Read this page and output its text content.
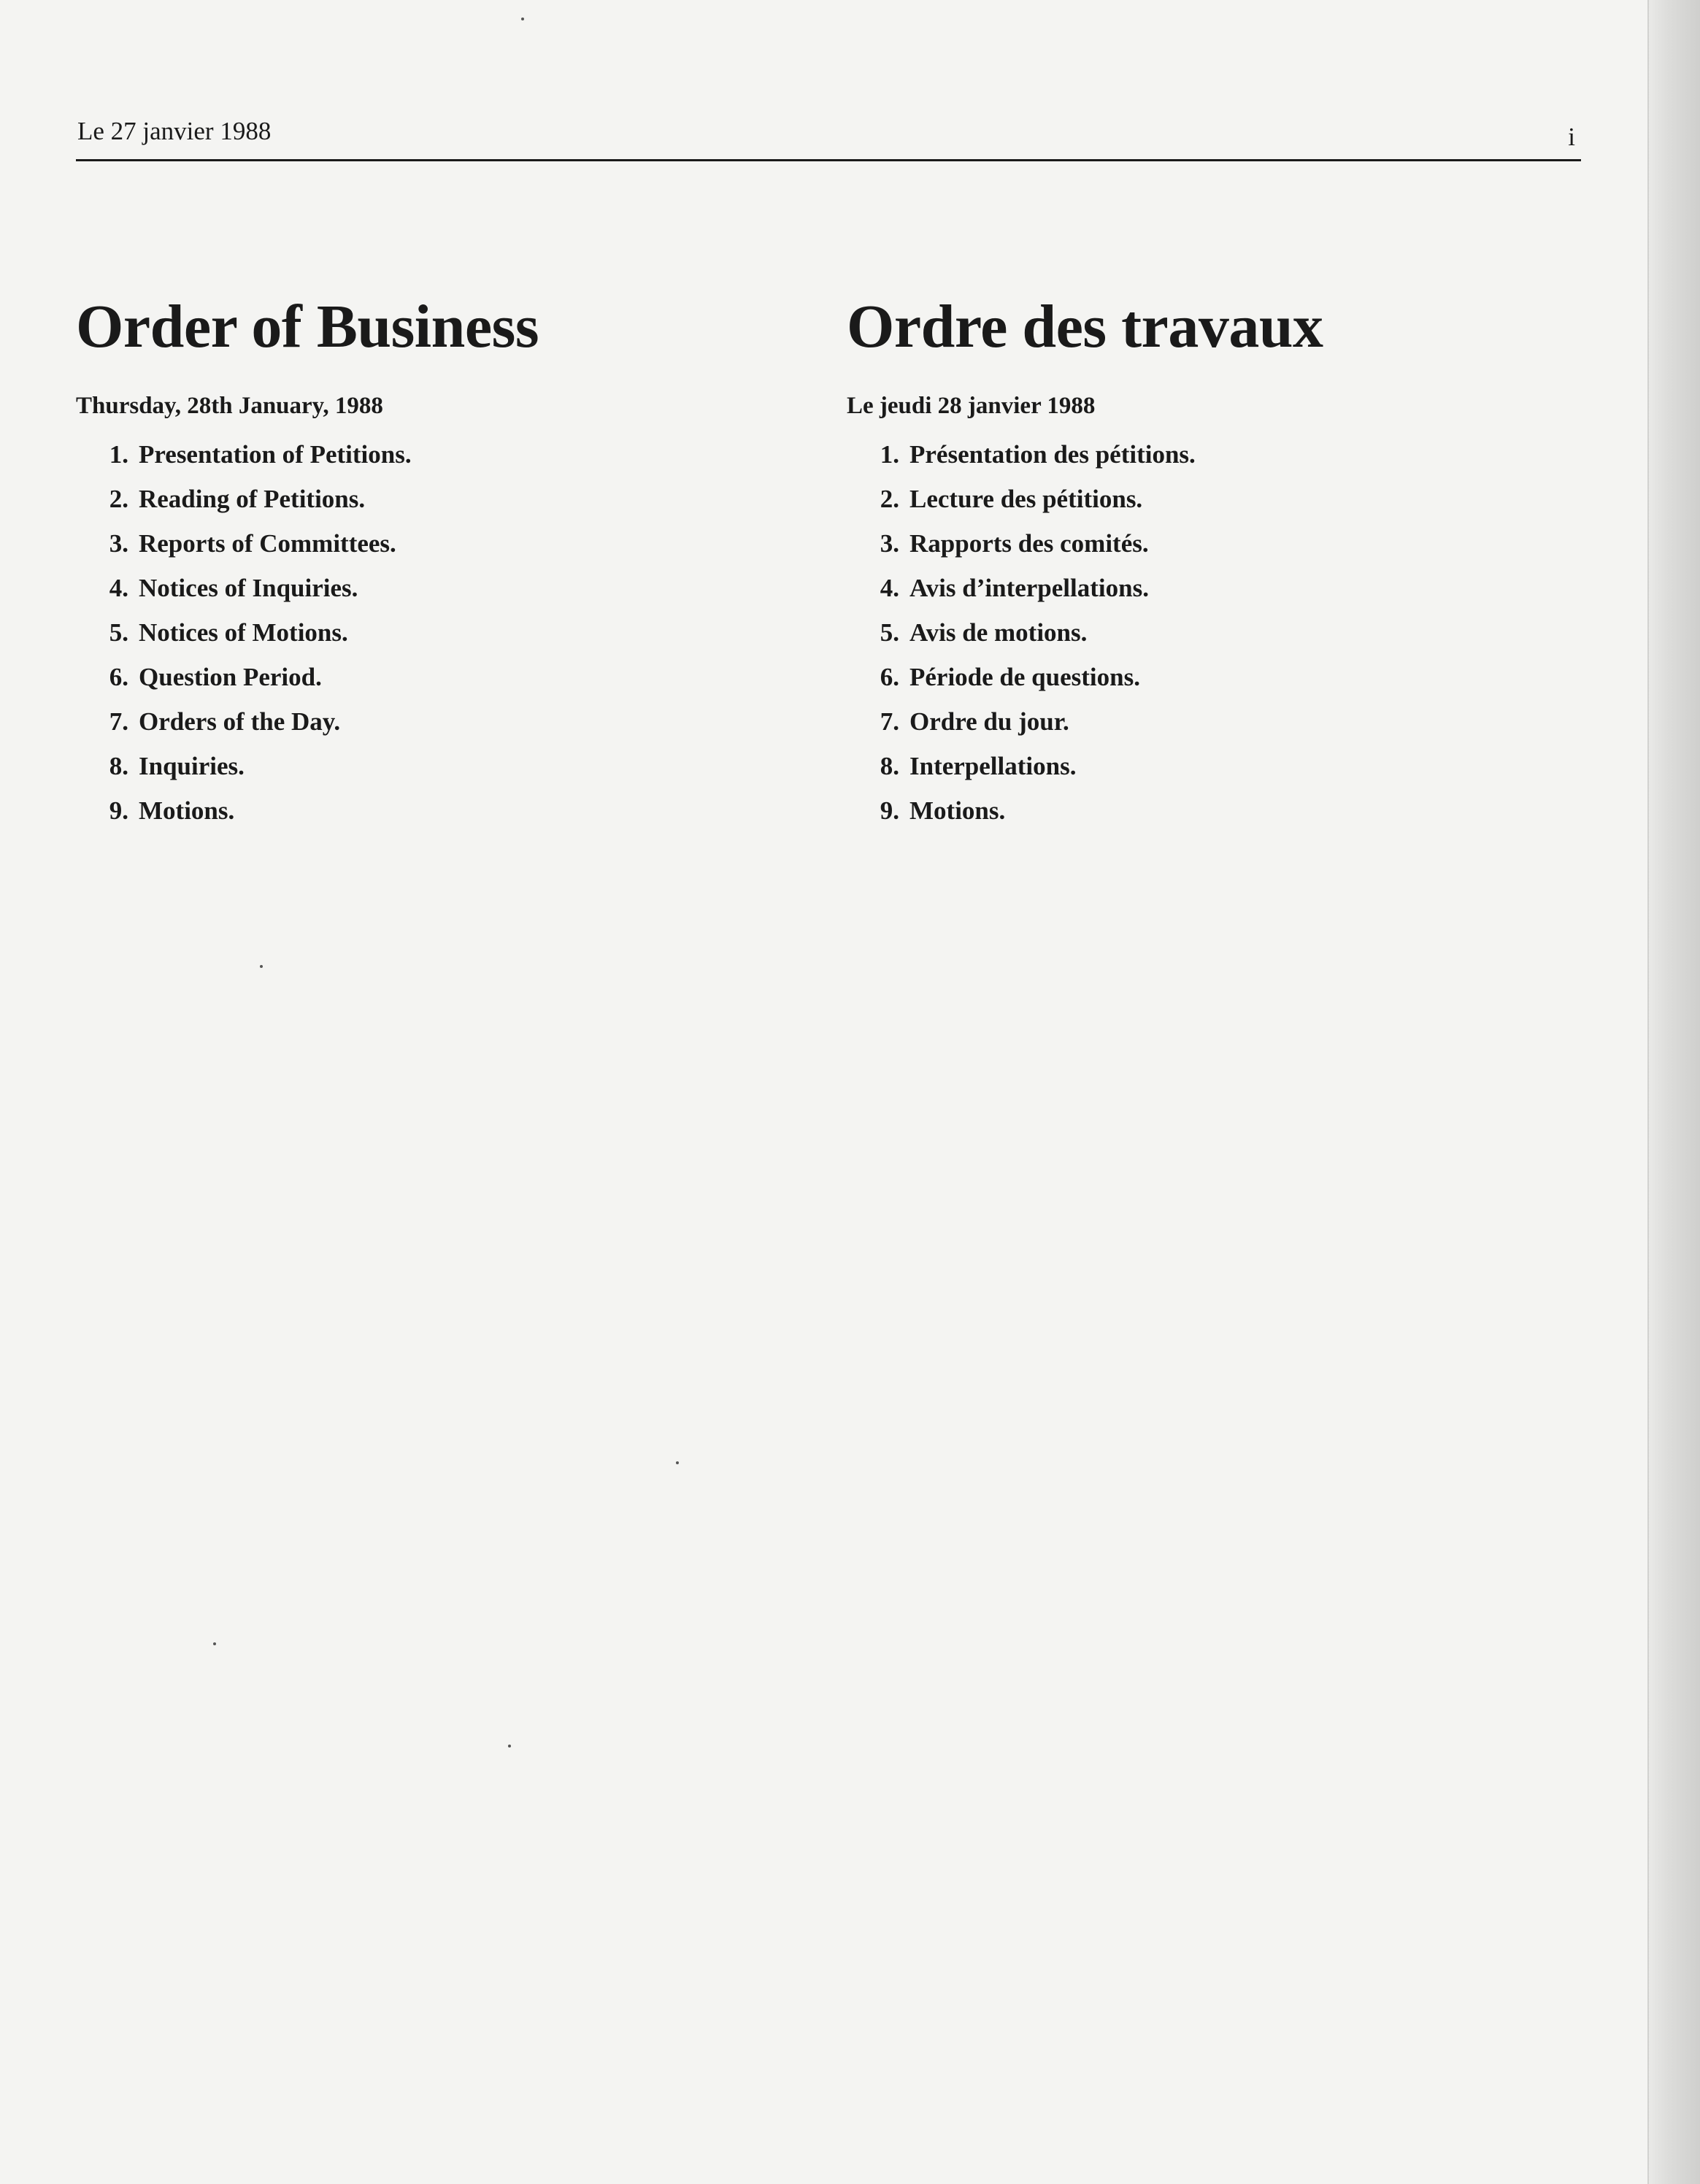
Le 27 janvier 1988	i
Order of Business
Thursday, 28th January, 1988
1. Presentation of Petitions.
2. Reading of Petitions.
3. Reports of Committees.
4. Notices of Inquiries.
5. Notices of Motions.
6. Question Period.
7. Orders of the Day.
8. Inquiries.
9. Motions.
Ordre des travaux
Le jeudi 28 janvier 1988
1. Présentation des pétitions.
2. Lecture des pétitions.
3. Rapports des comités.
4. Avis d’interpellations.
5. Avis de motions.
6. Période de questions.
7. Ordre du jour.
8. Interpellations.
9. Motions.
